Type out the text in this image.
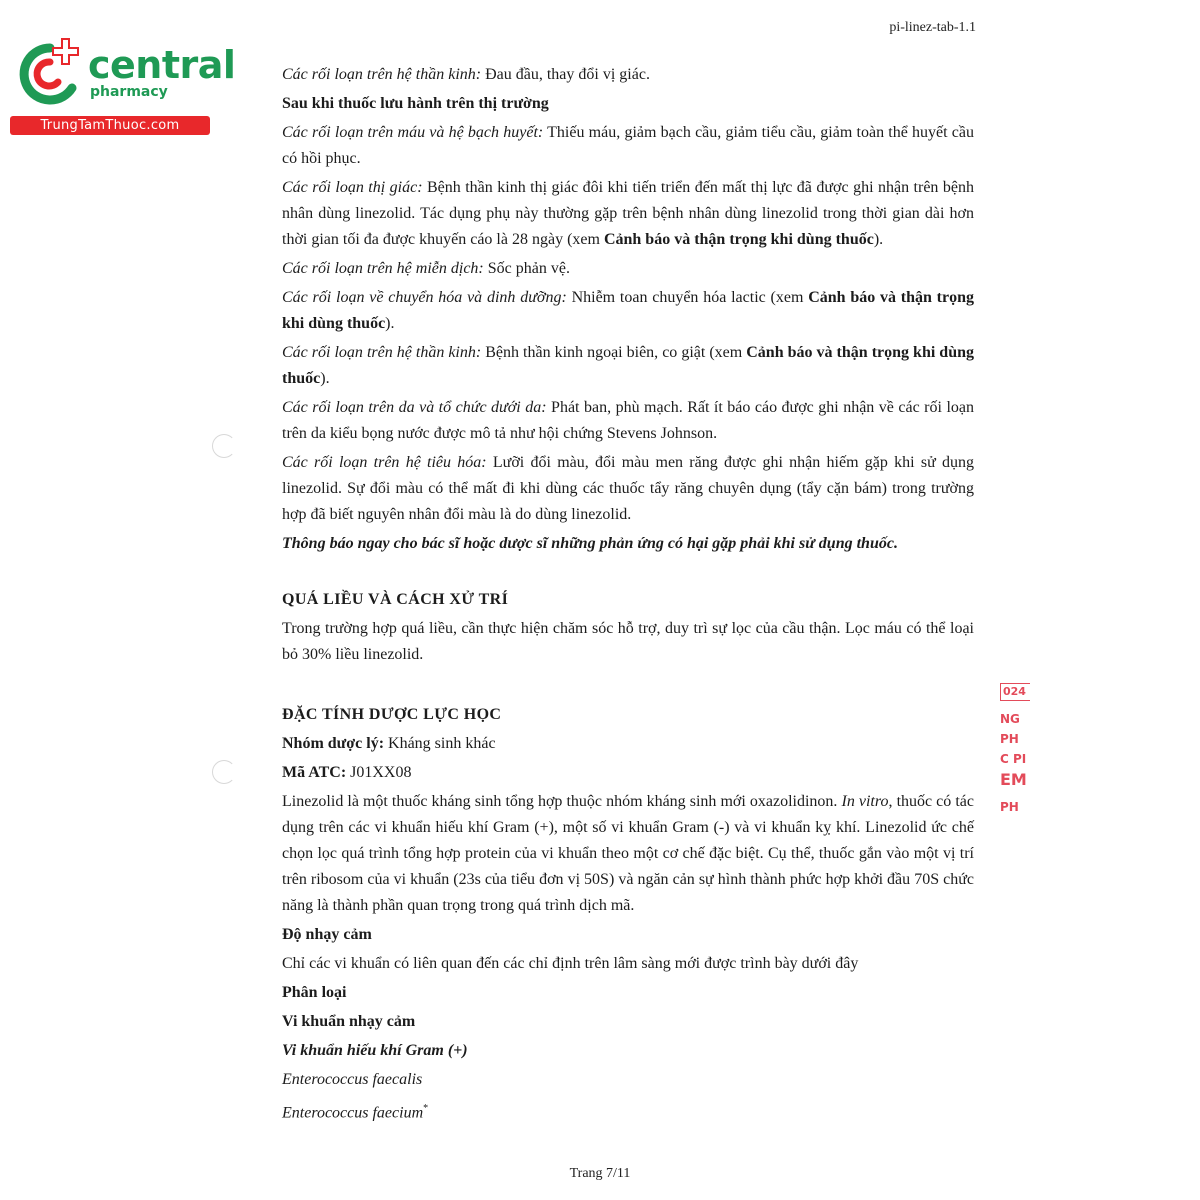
pi-linez-tab-1.1
central
pharmacy
TrungTamThuoc.com

Các rối loạn trên hệ thần kinh: Đau đầu, thay đổi vị giác.

Sau khi thuốc lưu hành trên thị trường

Các rối loạn trên máu và hệ bạch huyết: Thiếu máu, giảm bạch cầu, giảm tiểu cầu, giảm toàn thể huyết cầu có hồi phục.

Các rối loạn thị giác: Bệnh thần kinh thị giác đôi khi tiến triển đến mất thị lực đã được ghi nhận trên bệnh nhân dùng linezolid. Tác dụng phụ này thường gặp trên bệnh nhân dùng linezolid trong thời gian dài hơn thời gian tối đa được khuyến cáo là 28 ngày (xem Cảnh báo và thận trọng khi dùng thuốc).

Các rối loạn trên hệ miễn dịch: Sốc phản vệ.

Các rối loạn về chuyển hóa và dinh dưỡng: Nhiễm toan chuyển hóa lactic (xem Cảnh báo và thận trọng khi dùng thuốc).

Các rối loạn trên hệ thần kinh: Bệnh thần kinh ngoại biên, co giật (xem Cảnh báo và thận trọng khi dùng thuốc).

Các rối loạn trên da và tổ chức dưới da: Phát ban, phù mạch. Rất ít báo cáo được ghi nhận về các rối loạn trên da kiểu bọng nước được mô tả như hội chứng Stevens Johnson.

Các rối loạn trên hệ tiêu hóa: Lưỡi đổi màu, đổi màu men răng được ghi nhận hiếm gặp khi sử dụng linezolid. Sự đổi màu có thể mất đi khi dùng các thuốc tẩy răng chuyên dụng (tẩy cặn bám) trong trường hợp đã biết nguyên nhân đổi màu là do dùng linezolid.

Thông báo ngay cho bác sĩ hoặc dược sĩ những phản ứng có hại gặp phải khi sử dụng thuốc.

QUÁ LIỀU VÀ CÁCH XỬ TRÍ

Trong trường hợp quá liều, cần thực hiện chăm sóc hỗ trợ, duy trì sự lọc của cầu thận. Lọc máu có thể loại bỏ 30% liều linezolid.

ĐẶC TÍNH DƯỢC LỰC HỌC

Nhóm dược lý: Kháng sinh khác

Mã ATC: J01XX08

Linezolid là một thuốc kháng sinh tổng hợp thuộc nhóm kháng sinh mới oxazolidinon. In vitro, thuốc có tác dụng trên các vi khuẩn hiếu khí Gram (+), một số vi khuẩn Gram (-) và vi khuẩn kỵ khí. Linezolid ức chế chọn lọc quá trình tổng hợp protein của vi khuẩn theo một cơ chế đặc biệt. Cụ thể, thuốc gắn vào một vị trí trên ribosom của vi khuẩn (23s của tiểu đơn vị 50S) và ngăn cản sự hình thành phức hợp khởi đầu 70S chức năng là thành phần quan trọng trong quá trình dịch mã.

Độ nhạy cảm

Chỉ các vi khuẩn có liên quan đến các chỉ định trên lâm sàng mới được trình bày dưới đây

Phân loại

Vi khuẩn nhạy cảm

Vi khuẩn hiếu khí Gram (+)

Enterococcus faecalis

Enterococcus faecium*

024
NG
PH
C PI
EM
PH
Trang 7/11
